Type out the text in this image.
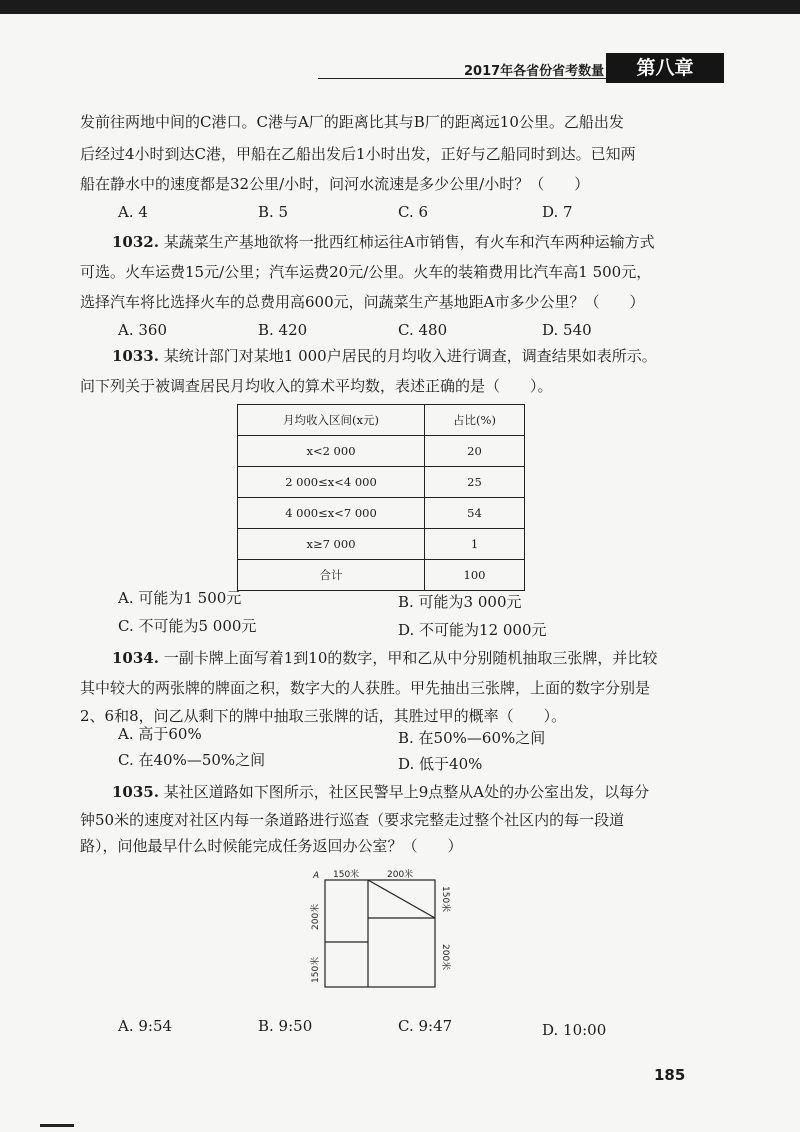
2017年各省份省考数量	第八章
发前往两地中间的C港口。C港与A厂的距离比其与B厂的距离远10公里。乙船出发
后经过4小时到达C港，甲船在乙船出发后1小时出发，正好与乙船同时到达。已知两
船在静水中的速度都是32公里/小时，问河水流速是多少公里/小时？（　　）
A. 4	B. 5	C. 6	D. 7
1032. 某蔬菜生产基地欲将一批西红柿运往A市销售，有火车和汽车两种运输方式
可选。火车运费15元/公里；汽车运费20元/公里。火车的装箱费用比汽车高1 500元，
选择汽车将比选择火车的总费用高600元，问蔬菜生产基地距A市多少公里？（　　）
A. 360	B. 420	C. 480	D. 540
1033. 某统计部门对某地1 000户居民的月均收入进行调查，调查结果如表所示。
问下列关于被调查居民月均收入的算术平均数，表述正确的是（　　）。
月均收入区间(x元)	占比(%)
x<2 000	20
2 000≤x<4 000	25
4 000≤x<7 000	54
x≥7 000	1
合计	100
A. 可能为1 500元	B. 可能为3 000元
C. 不可能为5 000元	D. 不可能为12 000元
1034. 一副卡牌上面写着1到10的数字，甲和乙从中分别随机抽取三张牌，并比较
其中较大的两张牌的牌面之积，数字大的人获胜。甲先抽出三张牌，上面的数字分别是
2、6和8，问乙从剩下的牌中抽取三张牌的话，其胜过甲的概率（　　）。
A. 高于60%	B. 在50%—60%之间
C. 在40%—50%之间	D. 低于40%
1035. 某社区道路如下图所示，社区民警早上9点整从A处的办公室出发，以每分
钟50米的速度对社区内每一条道路进行巡查（要求完整走过整个社区内的每一段道
路），问他最早什么时候能完成任务返回办公室？（　　）
A 150米	200米
200米
150米
150米
200米
A. 9:54	B. 9:50	C. 9:47	D. 10:00
185
